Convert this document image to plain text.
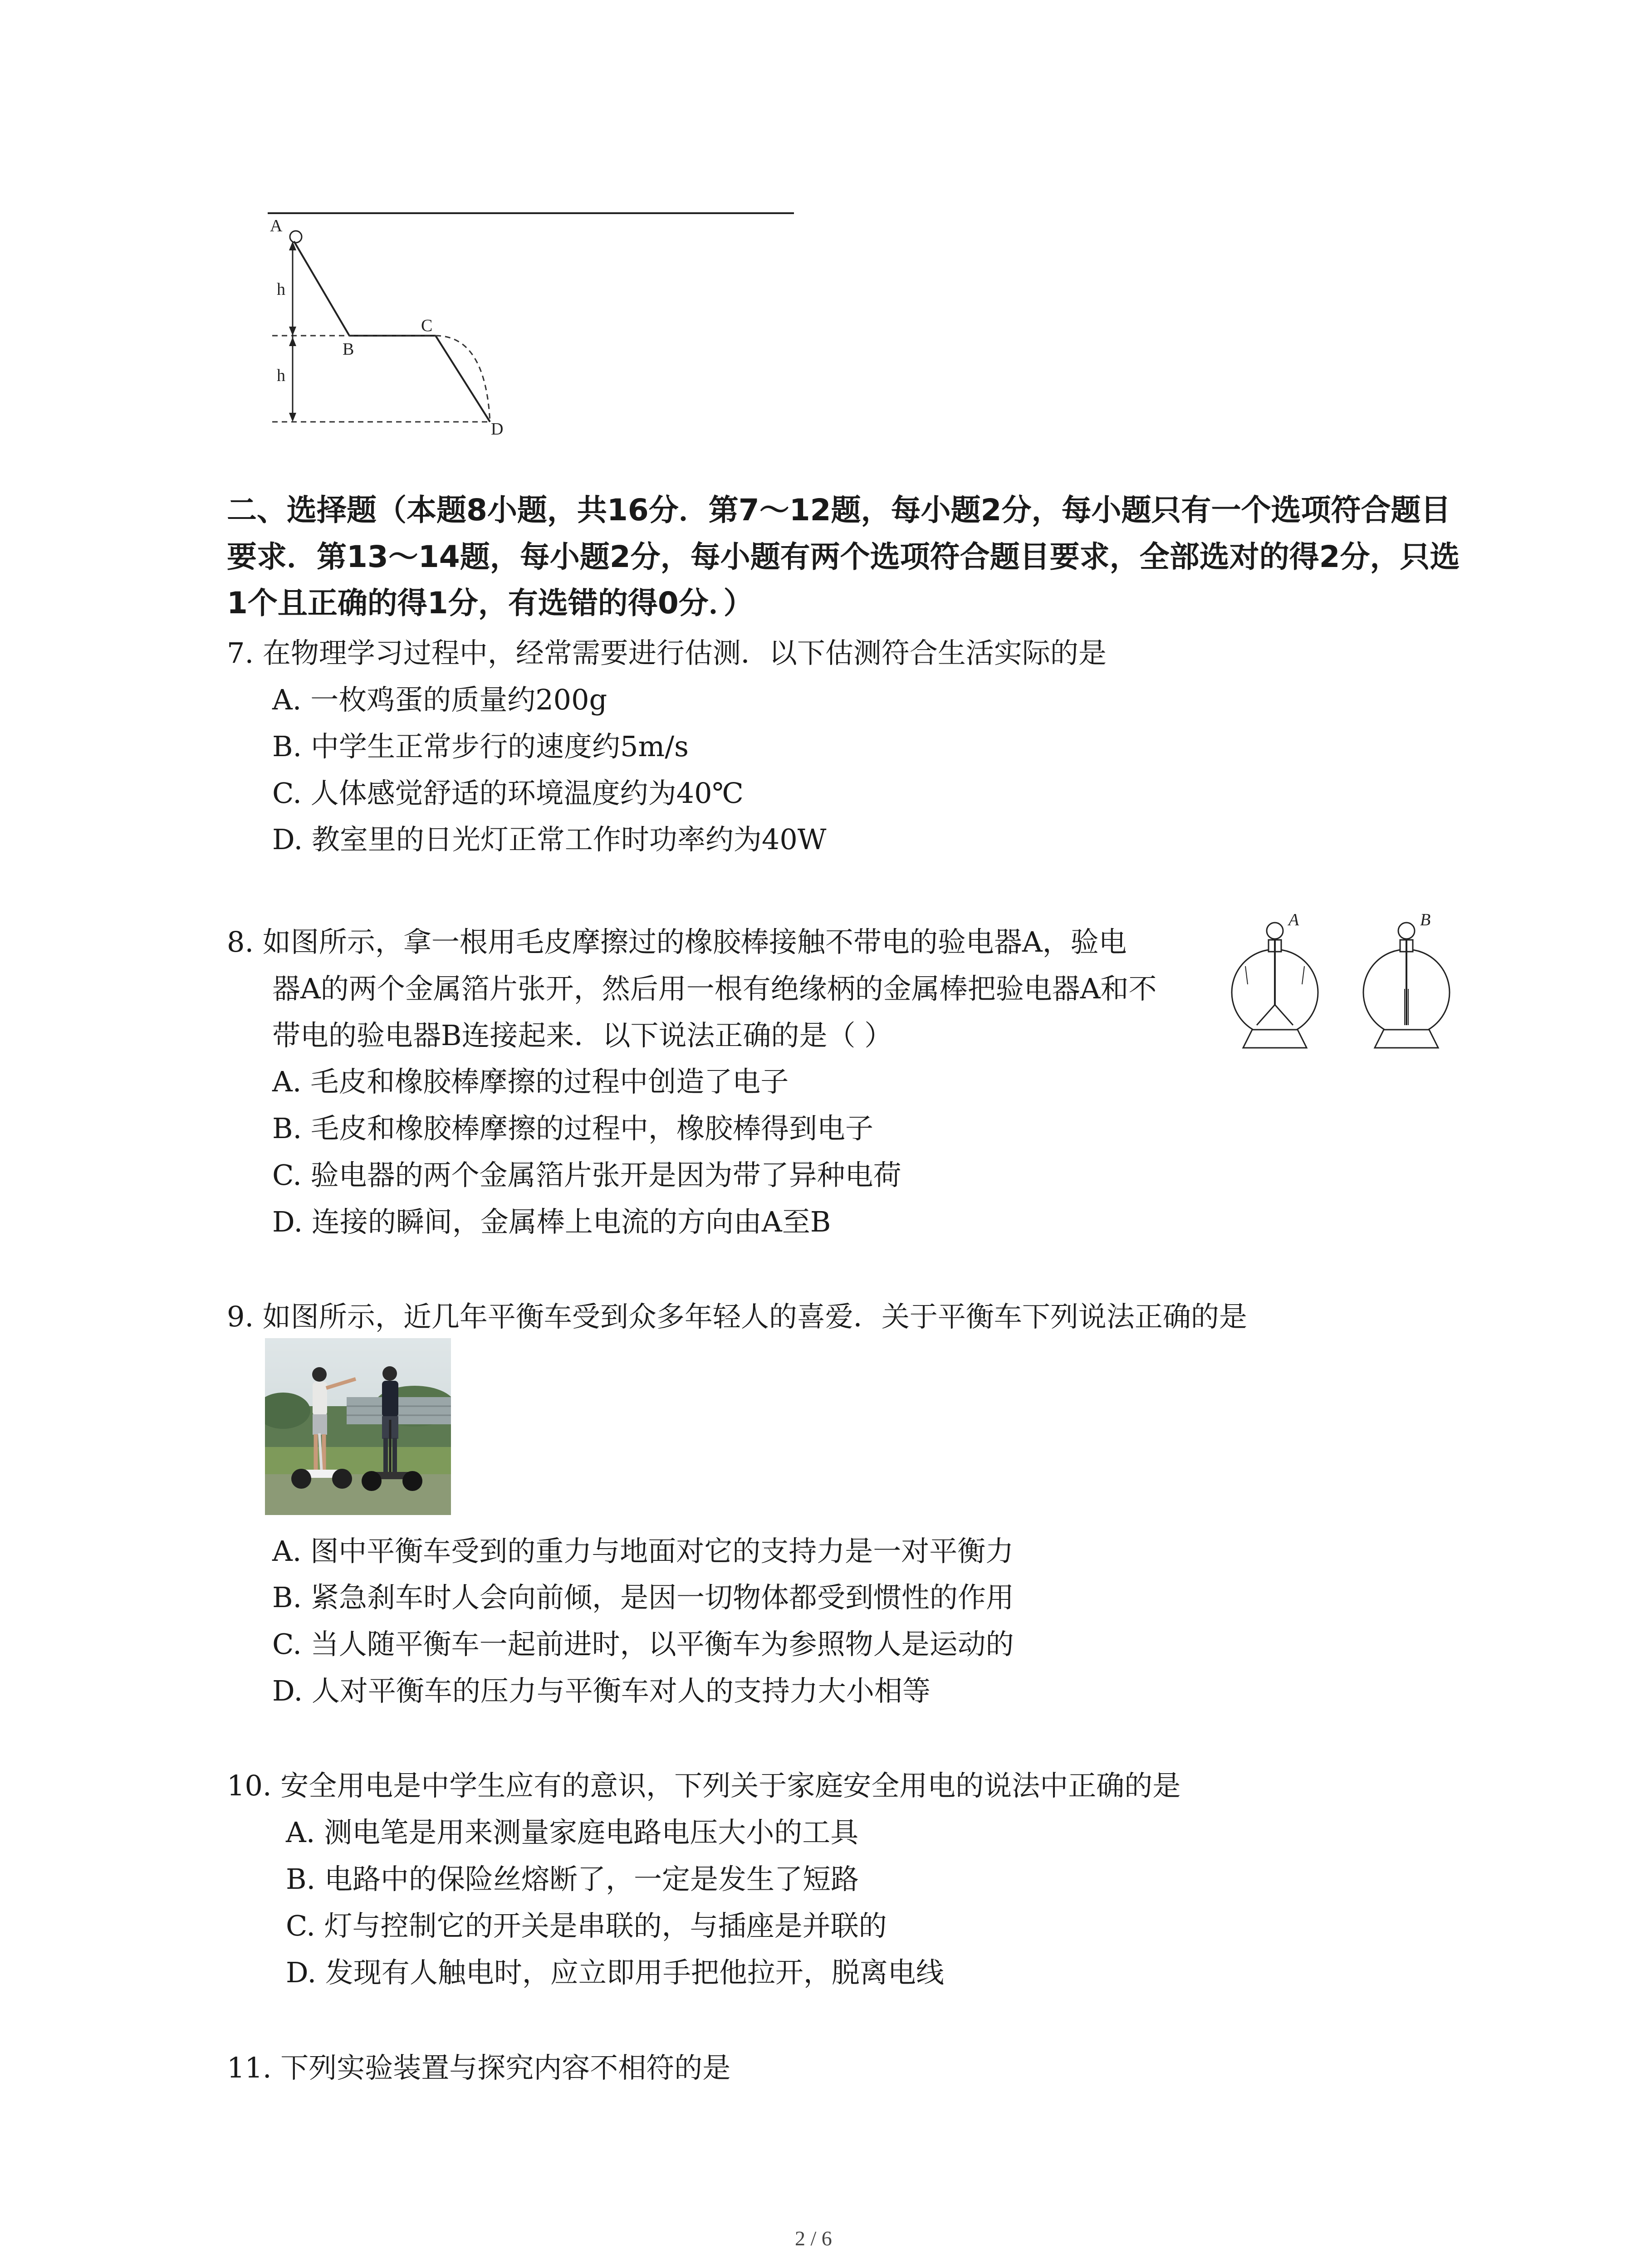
A
h
h
B
C
D
二、选择题（本题8小题，共16分．第7～12题，每小题2分，每小题只有一个选项符合题目
要求．第13～14题，每小题2分，每小题有两个选项符合题目要求，全部选对的得2分，只选
1个且正确的得1分，有选错的得0分．）
7. 在物理学习过程中，经常需要进行估测．以下估测符合生活实际的是
A. 一枚鸡蛋的质量约200g
B. 中学生正常步行的速度约5m/s
C. 人体感觉舒适的环境温度约为40℃
D. 教室里的日光灯正常工作时功率约为40W
8. 如图所示，拿一根用毛皮摩擦过的橡胶棒接触不带电的验电器A，验电
器A的两个金属箔片张开，然后用一根有绝缘柄的金属棒把验电器A和不
带电的验电器B连接起来．以下说法正确的是（ ）
A. 毛皮和橡胶棒摩擦的过程中创造了电子
B. 毛皮和橡胶棒摩擦的过程中，橡胶棒得到电子
C. 验电器的两个金属箔片张开是因为带了异种电荷
D. 连接的瞬间，金属棒上电流的方向由A至B
A	B
9. 如图所示，近几年平衡车受到众多年轻人的喜爱．关于平衡车下列说法正确的是
A. 图中平衡车受到的重力与地面对它的支持力是一对平衡力
B. 紧急刹车时人会向前倾，是因一切物体都受到惯性的作用
C. 当人随平衡车一起前进时，以平衡车为参照物人是运动的
D. 人对平衡车的压力与平衡车对人的支持力大小相等
10. 安全用电是中学生应有的意识，下列关于家庭安全用电的说法中正确的是
A. 测电笔是用来测量家庭电路电压大小的工具
B. 电路中的保险丝熔断了，一定是发生了短路
C. 灯与控制它的开关是串联的，与插座是并联的
D. 发现有人触电时，应立即用手把他拉开，脱离电线
11. 下列实验装置与探究内容不相符的是
2 / 6
